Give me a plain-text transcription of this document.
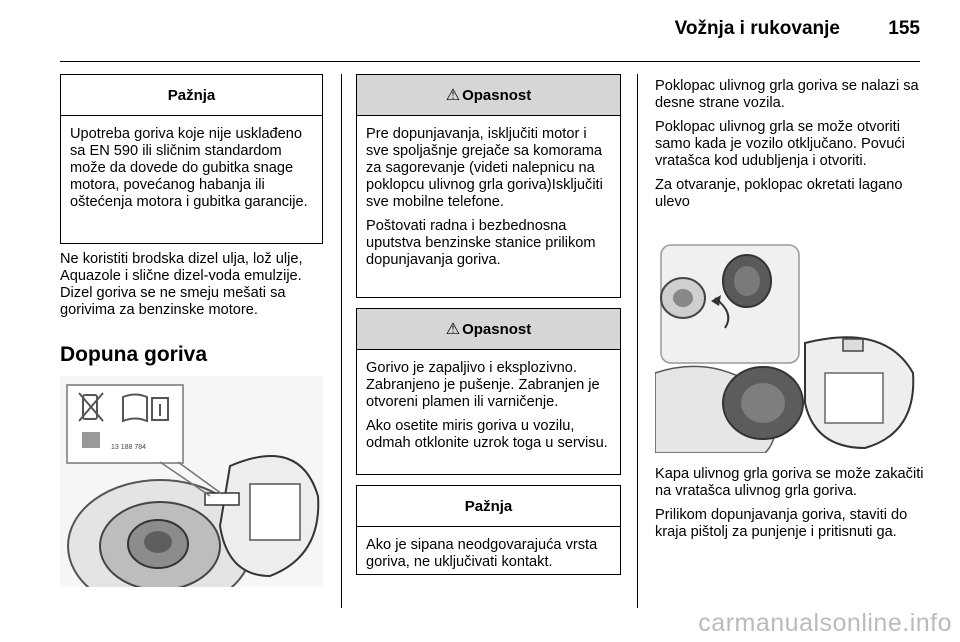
Vožnja i rukovanje	155
Pažnja

Upotreba goriva koje nije usklađeno sa EN 590 ili sličnim standardom može da dovede do gubitka snage motora, povećanog habanja ili oštećenja motora i gubitka garancije.

Ne koristiti brodska dizel ulja, lož ulje, Aquazole i slične dizel-voda emulzije. Dizel goriva se ne smeju mešati sa gorivima za benzinske motore.

Dopuna goriva
13 188 784
⚠ Opasnost

Pre dopunjavanja, isključiti motor i sve spoljašnje grejače sa komorama za sagorevanje (videti nalepnicu na poklopcu ulivnog grla goriva)Isključiti sve mobilne telefone.

Poštovati radna i bezbednosna uputstva benzinske stanice prilikom dopunjavanja goriva.

⚠ Opasnost

Gorivo je zapaljivo i eksplozivno. Zabranjeno je pušenje. Zabranjen je otvoreni plamen ili varničenje.

Ako osetite miris goriva u vozilu, odmah otklonite uzrok toga u servisu.

Pažnja

Ako je sipana neodgovarajuća vrsta goriva, ne uključivati kontakt.

Poklopac ulivnog grla goriva se nalazi sa desne strane vozila.

Poklopac ulivnog grla se može otvoriti samo kada je vozilo otključano. Povući vratašca kod udubljenja i otvoriti.

Za otvaranje, poklopac okretati lagano ulevo

Kapa ulivnog grla goriva se može zakačiti na vratašca ulivnog grla goriva.

Prilikom dopunjavanja goriva, staviti do kraja pištolj za punjenje i pritisnuti ga.

carmanualsonline.info
